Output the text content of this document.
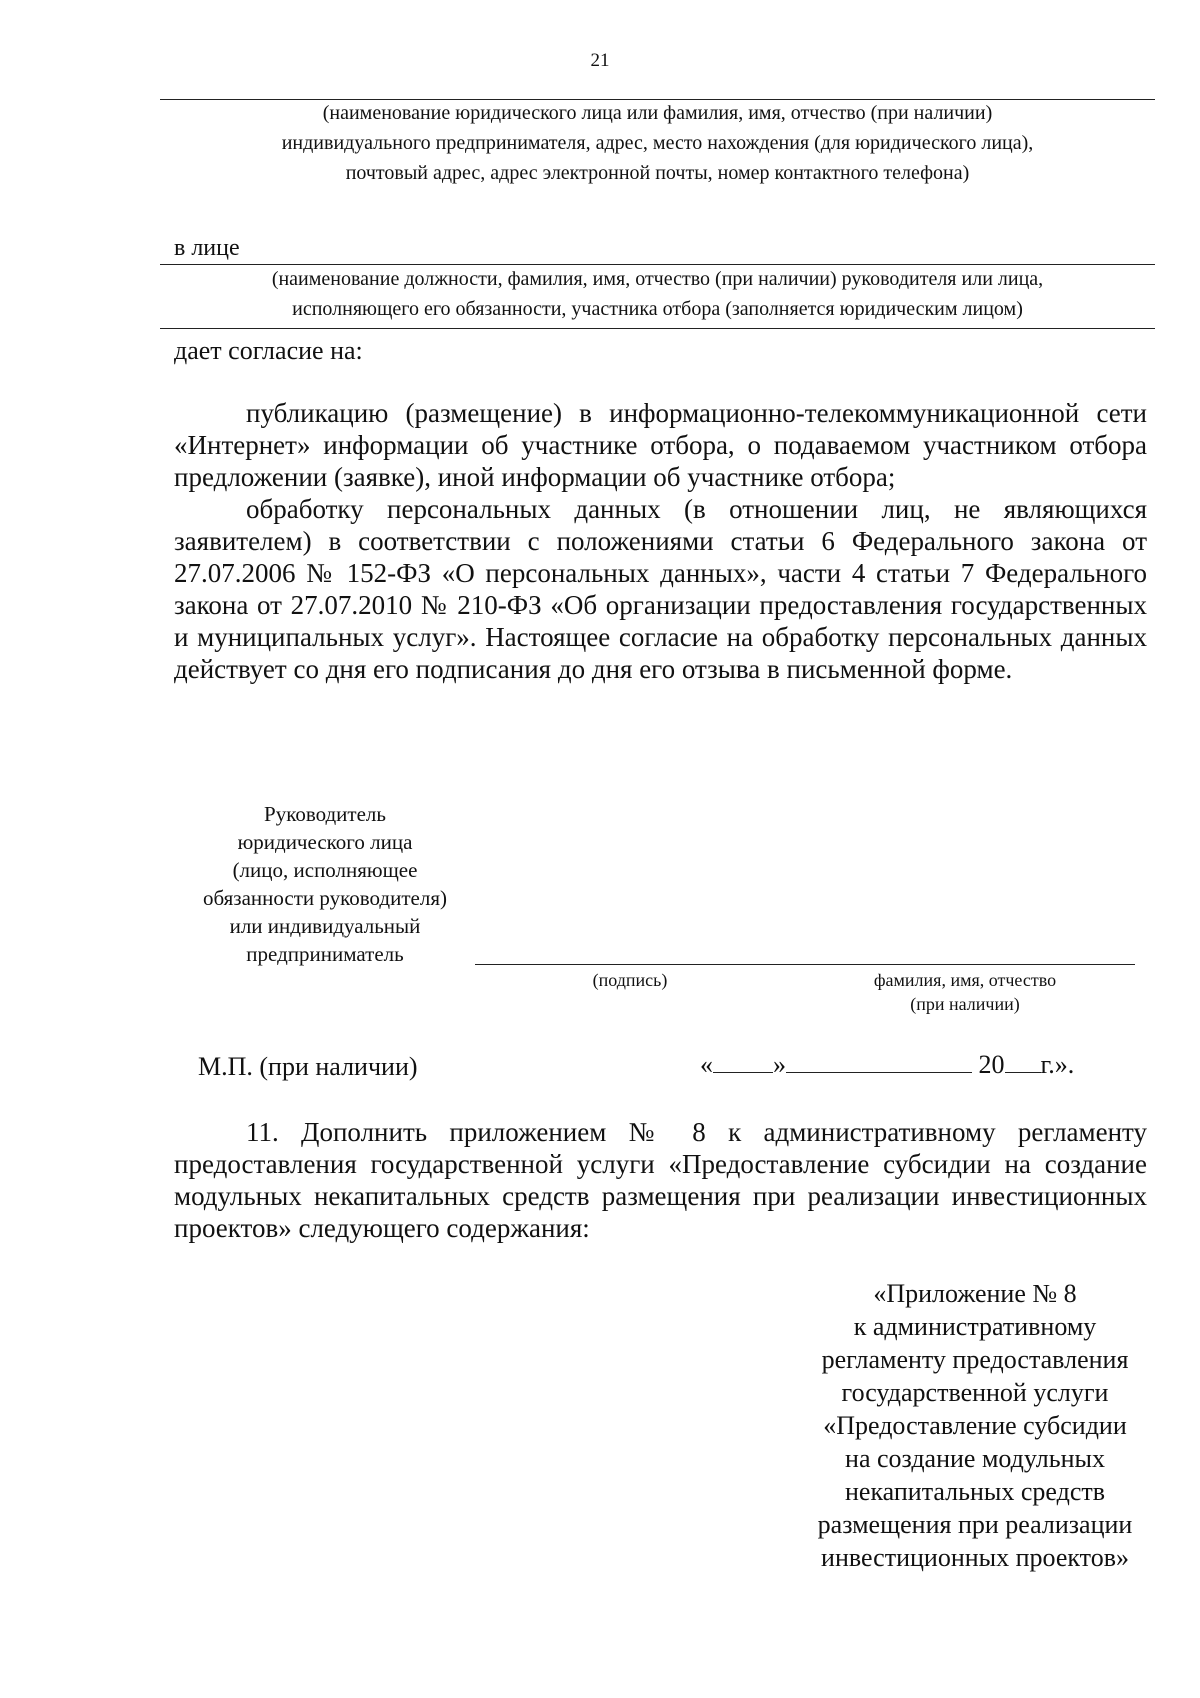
21
(наименование юридического лица или фамилия, имя, отчество (при наличии)
индивидуального предпринимателя, адрес, место нахождения (для юридического лица),
почтовый адрес, адрес электронной почты, номер контактного телефона)
в лице
(наименование должности, фамилия, имя, отчество (при наличии) руководителя или лица,
исполняющего его обязанности, участника отбора (заполняется юридическим лицом)
дает согласие на:

публикацию (размещение) в информационно-телекоммуникационной сети «Интернет» информации об участнике отбора, о подаваемом участником отбора предложении (заявке), иной информации об участнике отбора;

обработку персональных данных (в отношении лиц, не являющихся заявителем) в соответствии с положениями статьи 6 Федерального закона от 27.07.2006 № 152-ФЗ «О персональных данных», части 4 статьи 7 Федерального закона от 27.07.2010 № 210-ФЗ «Об организации предоставления государственных и муниципальных услуг». Настоящее согласие на обработку персональных данных действует со дня его подписания до дня его отзыва в письменной форме.

Руководитель
юридического лица
(лицо, исполняющее
обязанности руководителя)
или индивидуальный
предприниматель
(подпись)	фамилия, имя, отчество
(при наличии)
М.П. (при наличии)	« »	20 г.».

11. Дополнить приложением № 8 к административному регламенту предоставления государственной услуги «Предоставление субсидии на создание модульных некапитальных средств размещения при реализации инвестиционных проектов» следующего содержания:

«Приложение № 8
к административному
регламенту предоставления
государственной услуги
«Предоставление субсидии
на создание модульных
некапитальных средств
размещения при реализации
инвестиционных проектов»
